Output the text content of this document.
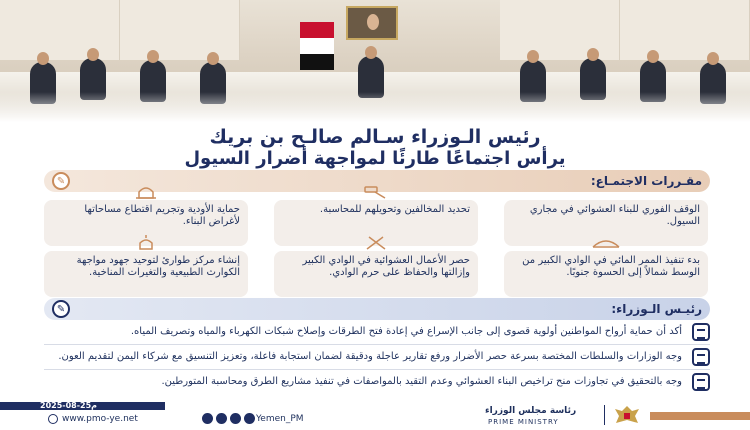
رئيس الـوزراء سـالم صالـح بن بريك
يرأس اجتماعًا طارئًا لمواجهة أضرار السيول
مقـررات الاجتمـاع:
✎
الوقف الفوري للبناء العشوائي في مجاري السيول.
تحديد المخالفين وتحويلهم للمحاسبة.
حماية الأودية وتجريم اقتطاع مساحاتها لأغراض البناء.
بدء تنفيذ الممر المائي في الوادي الكبير من الوسط شمالاً إلى الحسوة جنوبًا.
حصر الأعمال العشوائية في الوادي الكبير وإزالتها والحفاظ على حرم الوادي.
إنشاء مركز طوارئ لتوحيد جهود مواجهة الكوارث الطبيعية والتغيرات المناخية.
رئيـس الـوزراء:
✎
أكد أن حماية أرواح المواطنين أولوية قصوى إلى جانب الإسراع في إعادة فتح الطرقات وإصلاح شبكات الكهرباء والمياه وتصريف المياه.
وجه الوزارات والسلطات المختصة بسرعة حصر الأضرار ورفع تقارير عاجلة ودقيقة لضمان استجابة فاعلة، وتعزيز التنسيق مع شركاء اليمن لتقديم العون.
وجه بالتحقيق في تجاوزات منح تراخيص البناء العشوائي وعدم التقيد بالمواصفات في تنفيذ مشاريع الطرق ومحاسبة المتورطين.
2025-08-25م
www.pmo-ye.net	Yemen_PM
رئاسة مجلس الوزراء
PRIME MINISTRY
